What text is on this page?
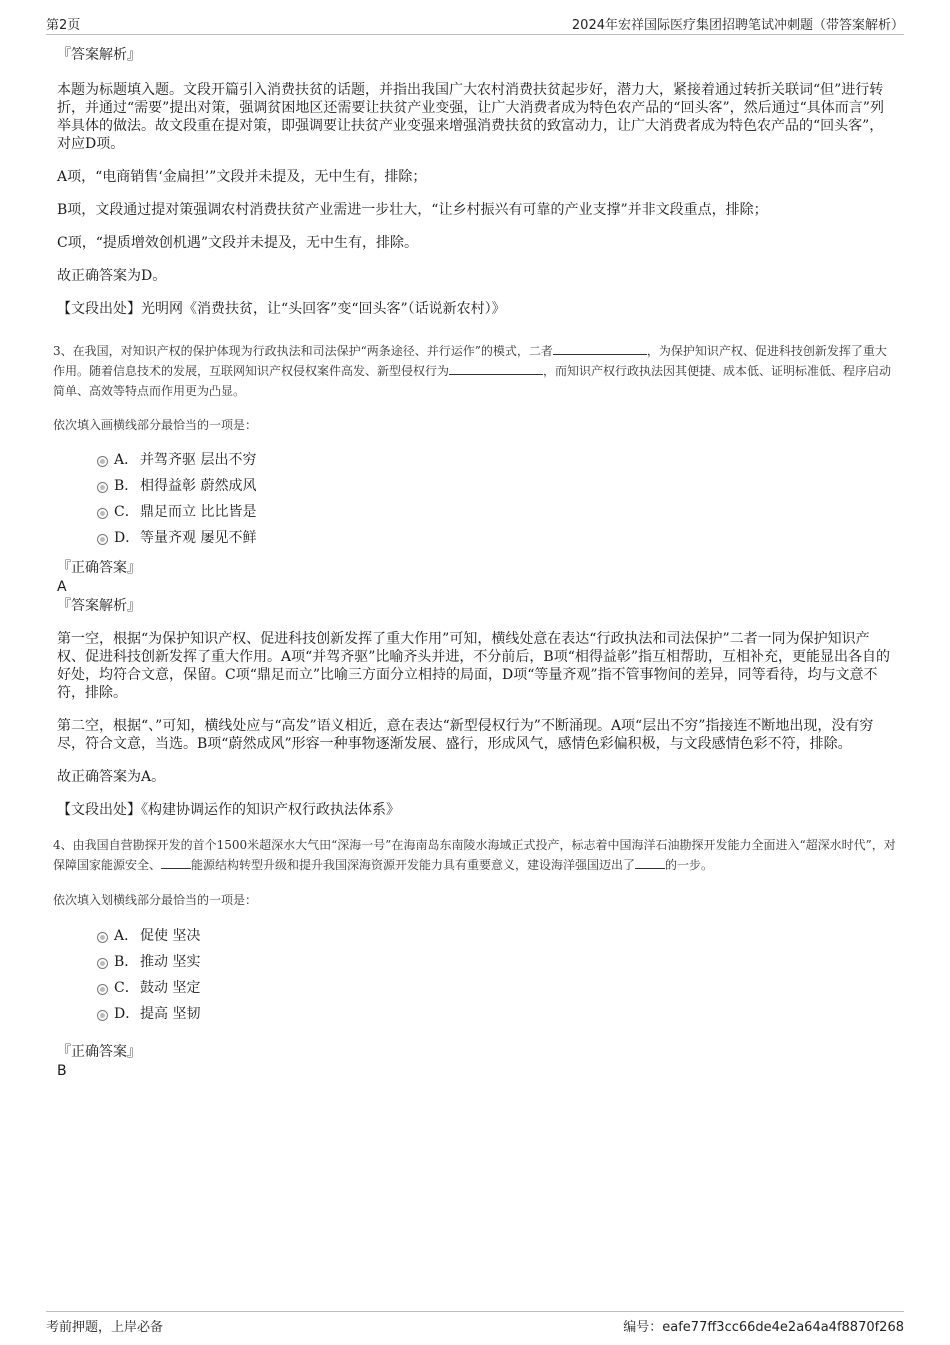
第2页	2024年宏祥国际医疗集团招聘笔试冲刺题（带答案解析）

『答案解析』

本题为标题填入题。文段开篇引入消费扶贫的话题，并指出我国广大农村消费扶贫起步好，潜力大，紧接着通过转折关联词“但”进行转折，并通过“需要”提出对策，强调贫困地区还需要让扶贫产业变强，让广大消费者成为特色农产品的“回头客”，然后通过“具体而言”列举具体的做法。故文段重在提对策，即强调要让扶贫产业变强来增强消费扶贫的致富动力，让广大消费者成为特色农产品的“回头客”，对应D项。

A项，“电商销售‘金扁担’”文段并未提及，无中生有，排除；

B项，文段通过提对策强调农村消费扶贫产业需进一步壮大，“让乡村振兴有可靠的产业支撑”并非文段重点，排除；

C项，“提质增效创机遇”文段并未提及，无中生有，排除。

故正确答案为D。

【文段出处】光明网《消费扶贫，让“头回客”变“回头客”（话说新农村）》

3、在我国，对知识产权的保护体现为行政执法和司法保护“两条途径、并行运作”的模式，二者	，为保护知识产权、促进科技创新发挥了重大作用。随着信息技术的发展，互联网知识产权侵权案件高发、新型侵权行为	，而知识产权行政执法因其便捷、成本低、证明标准低、程序启动简单、高效等特点而作用更为凸显。

依次填入画横线部分最恰当的一项是：

A． 并驾齐驱 层出不穷
B． 相得益彰 蔚然成风
C．鼎足而立 比比皆是
D．等量齐观 屡见不鲜

『正确答案』

A

『答案解析』

第一空，根据“为保护知识产权、促进科技创新发挥了重大作用”可知，横线处意在表达“行政执法和司法保护”二者一同为保护知识产权、促进科技创新发挥了重大作用。A项“并驾齐驱”比喻齐头并进，不分前后，B项“相得益彰”指互相帮助，互相补充，更能显出各自的好处，均符合文意，保留。C项“鼎足而立”比喻三方面分立相持的局面，D项“等量齐观”指不管事物间的差异，同等看待，均与文意不符，排除。

第二空，根据“、”可知，横线处应与“高发”语义相近，意在表达“新型侵权行为”不断涌现。A项“层出不穷”指接连不断地出现，没有穷尽，符合文意，当选。B项“蔚然成风”形容一种事物逐渐发展、盛行，形成风气，感情色彩偏积极，与文段感情色彩不符，排除。

故正确答案为A。

【文段出处】《构建协调运作的知识产权行政执法体系》

4、由我国自营勘探开发的首个1500米超深水大气田“深海一号”在海南岛东南陵水海域正式投产，标志着中国海洋石油勘探开发能力全面进入“超深水时代”，对保障国家能源安全、	能源结构转型升级和提升我国深海资源开发能力具有重要意义，建设海洋强国迈出了	的一步。

依次填入划横线部分最恰当的一项是：

A． 促使 坚决
B． 推动 坚实
C．鼓动 坚定
D．提高 坚韧

『正确答案』

B

考前押题，上岸必备	编号：eafe77ff3cc66de4e2a64a4f8870f268
